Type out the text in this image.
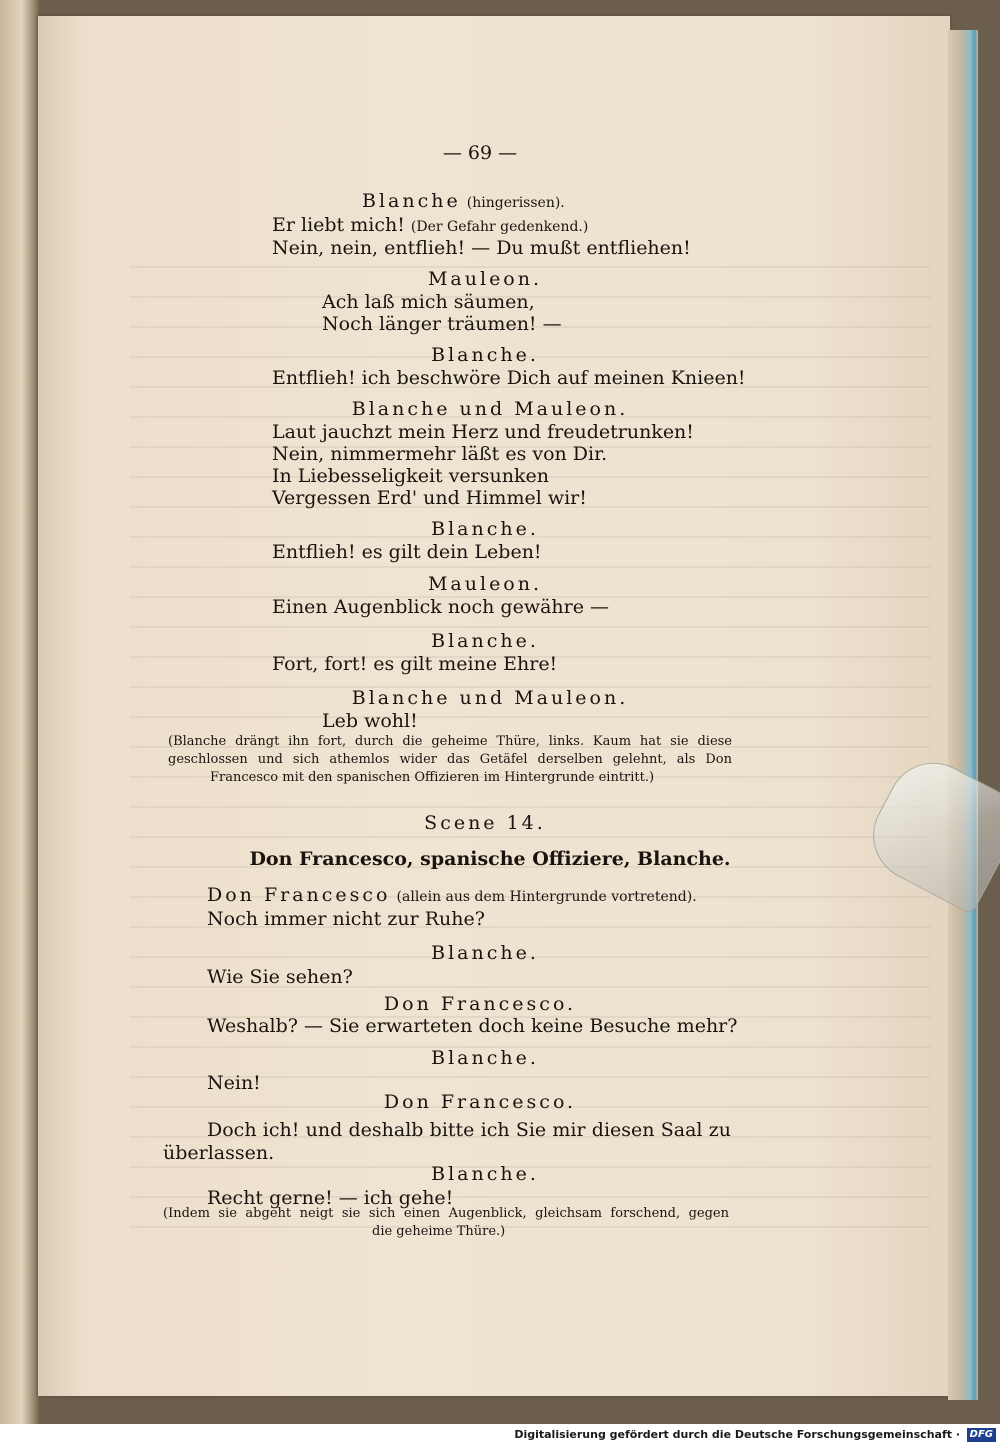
— 69 —
Blanche (hingerissen).
Er liebt mich! (Der Gefahr gedenkend.)
Nein, nein, entflieh! — Du mußt entfliehen!
Mauleon.
Ach laß mich säumen,
Noch länger träumen! —
Blanche.
Entflieh! ich beschwöre Dich auf meinen Knieen!
Blanche und Mauleon.
Laut jauchzt mein Herz und freudetrunken!
Nein, nimmermehr läßt es von Dir.
In Liebesseligkeit versunken
Vergessen Erd' und Himmel wir!
Blanche.
Entflieh! es gilt dein Leben!
Mauleon.
Einen Augenblick noch gewähre —
Blanche.
Fort, fort! es gilt meine Ehre!
Blanche und Mauleon.
Leb wohl!
(Blanche drängt ihn fort, durch die geheime Thüre, links. Kaum hat sie diese
geschlossen und sich athemlos wider das Getäfel derselben gelehnt, als Don
Francesco mit den spanischen Offizieren im Hintergrunde eintritt.)
Scene 14.
Don Francesco, spanische Offiziere, Blanche.
Don Francesco (allein aus dem Hintergrunde vortretend).
Noch immer nicht zur Ruhe?
Blanche.
Wie Sie sehen?
Don Francesco.
Weshalb? — Sie erwarteten doch keine Besuche mehr?
Blanche.
Nein!
Don Francesco.
Doch ich! und deshalb bitte ich Sie mir diesen Saal zu
überlassen.
Blanche.
Recht gerne! — ich gehe!
(Indem sie abgeht neigt sie sich einen Augenblick, gleichsam forschend, gegen
die geheime Thüre.)
Digitalisierung gefördert durch die Deutsche Forschungsgemeinschaft · DFG
